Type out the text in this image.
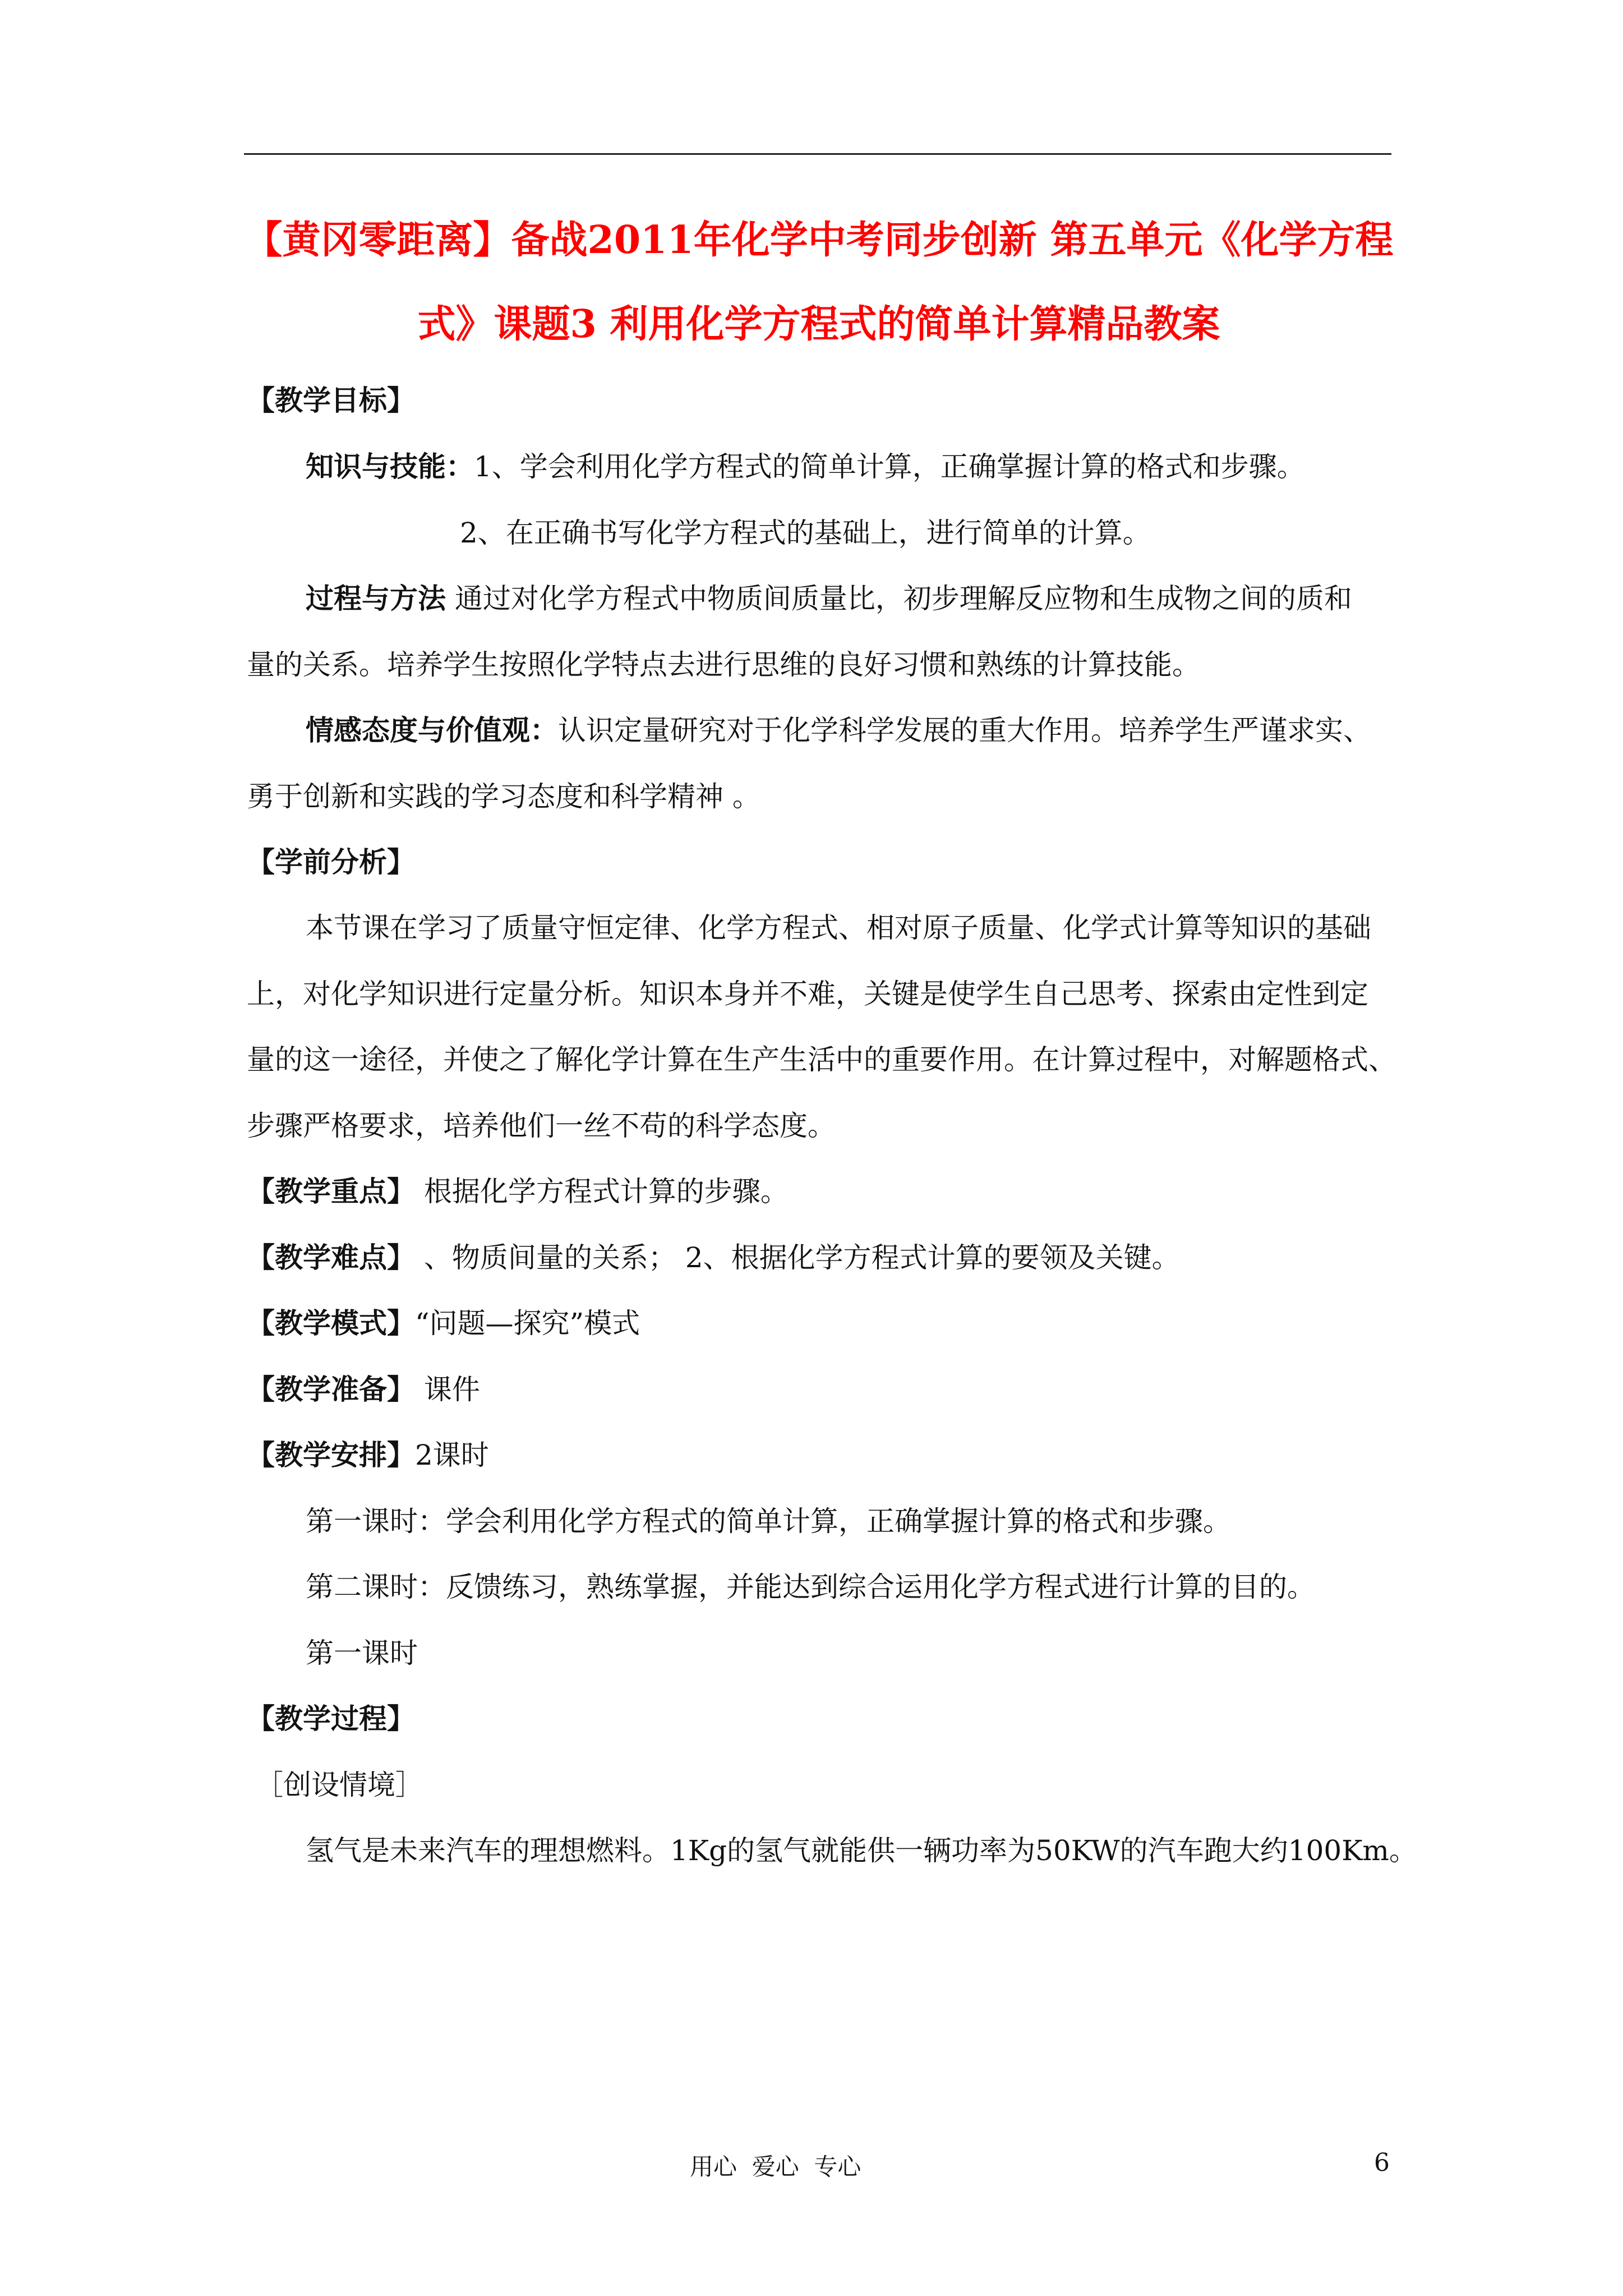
【黄冈零距离】备战2011年化学中考同步创新 第五单元《化学方程
式》课题3 利用化学方程式的简单计算精品教案
【教学目标】
知识与技能：1、学会利用化学方程式的简单计算，正确掌握计算的格式和步骤。
2、在正确书写化学方程式的基础上，进行简单的计算。
过程与方法 通过对化学方程式中物质间质量比，初步理解反应物和生成物之间的质和
量的关系。培养学生按照化学特点去进行思维的良好习惯和熟练的计算技能。
情感态度与价值观：认识定量研究对于化学科学发展的重大作用。培养学生严谨求实、
勇于创新和实践的学习态度和科学精神 。
【学前分析】
本节课在学习了质量守恒定律、化学方程式、相对原子质量、化学式计算等知识的基础
上，对化学知识进行定量分析。知识本身并不难，关键是使学生自己思考、探索由定性到定
量的这一途径，并使之了解化学计算在生产生活中的重要作用。在计算过程中，对解题格式、
步骤严格要求，培养他们一丝不苟的科学态度。
【教学重点】 根据化学方程式计算的步骤。
【教学难点】 、物质间量的关系； 2、根据化学方程式计算的要领及关键。
【教学模式】“问题—探究”模式
【教学准备】 课件
【教学安排】2课时
第一课时：学会利用化学方程式的简单计算，正确掌握计算的格式和步骤。
第二课时：反馈练习，熟练掌握，并能达到综合运用化学方程式进行计算的目的。
第一课时
【教学过程】
［创设情境］
氢气是未来汽车的理想燃料。1Kg的氢气就能供一辆功率为50KW的汽车跑大约100Km。
用心  爱心  专心	6
